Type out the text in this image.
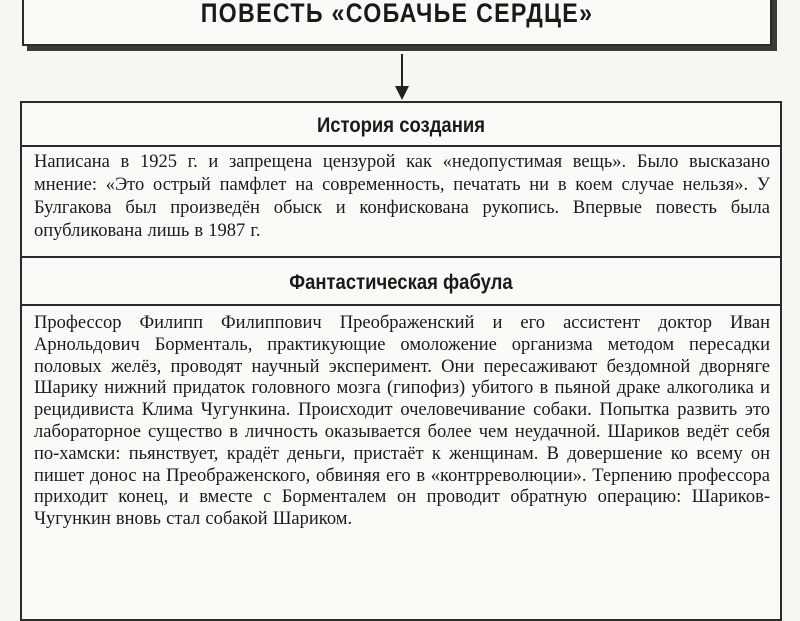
ПОВЕСТЬ «СОБАЧЬЕ СЕРДЦЕ»
История создания
Написана в 1925 г. и запрещена цензурой как «недопустимая вещь». Было высказано мнение: «Это острый памфлет на современность, печатать ни в коем случае нельзя». У Булгакова был произведён обыск и конфискована рукопись. Впервые повесть была опубликована лишь в 1987 г.
Фантастическая фабула
Профессор Филипп Филиппович Преображенский и его ассистент доктор Иван Арнольдович Борменталь, практикующие омоложение организма методом пересадки половых желёз, проводят научный эксперимент. Они пересаживают бездомной дворняге Шарику нижний придаток головного мозга (гипофиз) убитого в пьяной драке алкоголика и рецидивиста Клима Чугункина. Происходит очеловечивание собаки. Попытка развить это лабораторное существо в личность оказывается более чем неудачной. Шариков ведёт себя по-хамски: пьянствует, крадёт деньги, пристаёт к женщинам. В довершение ко всему он пишет донос на Преображенского, обвиняя его в «контрреволюции». Терпению профессора приходит конец, и вместе с Борменталем он проводит обратную операцию: Шариков-Чугункин вновь стал собакой Шариком.
